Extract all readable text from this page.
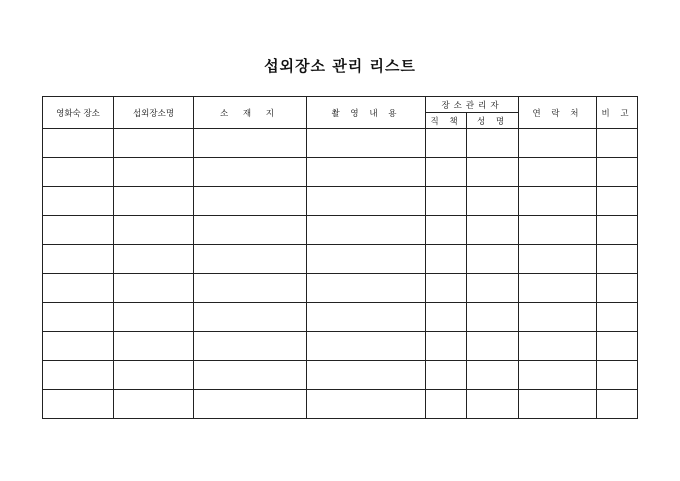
섭외장소 관리 리스트
영화숙 장소	섭외장소명	소 재 지	촬 영 내 용	장소관리자		연 락 처	비 고
				직 책	성 명		
